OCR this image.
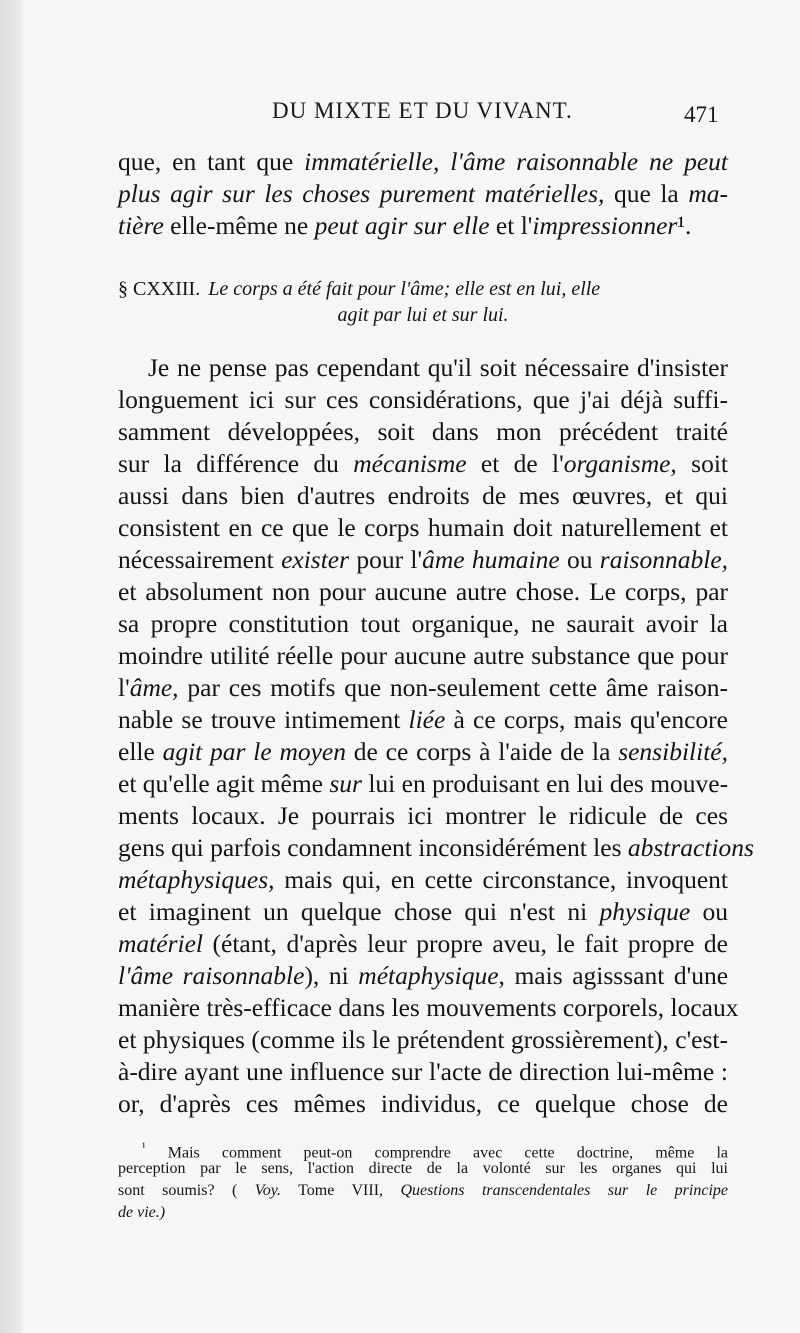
DU MIXTE ET DU VIVANT.	471
que, en tant que immatérielle, l'âme raisonnable ne peut
plus agir sur les choses purement matérielles, que la ma-
tière elle-même ne peut agir sur elle et l'impressionner¹.
§ CXXIII. Le corps a été fait pour l'âme; elle est en lui, elle
agit par lui et sur lui.
Je ne pense pas cependant qu'il soit nécessaire d'insister
longuement ici sur ces considérations, que j'ai déjà suffi-
samment développées, soit dans mon précédent traité
sur la différence du mécanisme et de l'organisme, soit
aussi dans bien d'autres endroits de mes œuvres, et qui
consistent en ce que le corps humain doit naturellement et
nécessairement exister pour l'âme humaine ou raisonnable,
et absolument non pour aucune autre chose. Le corps, par
sa propre constitution tout organique, ne saurait avoir la
moindre utilité réelle pour aucune autre substance que pour
l'âme, par ces motifs que non-seulement cette âme raison-
nable se trouve intimement liée à ce corps, mais qu'encore
elle agit par le moyen de ce corps à l'aide de la sensibilité,
et qu'elle agit même sur lui en produisant en lui des mouve-
ments locaux. Je pourrais ici montrer le ridicule de ces
gens qui parfois condamnent inconsidérément les abstractions
métaphysiques, mais qui, en cette circonstance, invoquent
et imaginent un quelque chose qui n'est ni physique ou
matériel (étant, d'après leur propre aveu, le fait propre de
l'âme raisonnable), ni métaphysique, mais agisssant d'une
manière très-efficace dans les mouvements corporels, locaux
et physiques (comme ils le prétendent grossièrement), c'est-
à-dire ayant une influence sur l'acte de direction lui-même :
or, d'après ces mêmes individus, ce quelque chose de
$^{^1}$ Mais comment peut-on comprendre avec cette doctrine, même la
perception par le sens, l'action directe de la volonté sur les organes qui lui
sont soumis? ( Voy. Tome VIII, Questions transcendentales sur le principe
de vie.)
